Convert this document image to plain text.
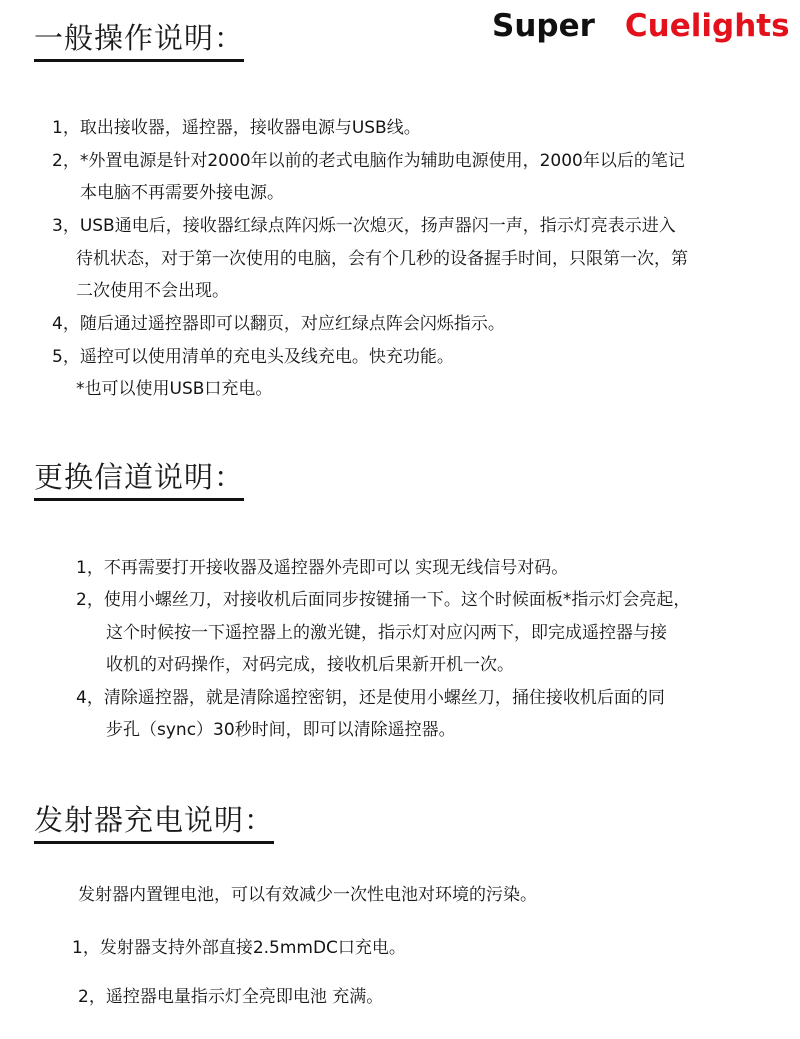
Super Cuelights
一般操作说明：
1，取出接收器，遥控器，接收器电源与USB线。
2，*外置电源是针对2000年以前的老式电脑作为辅助电源使用，2000年以后的笔记
本电脑不再需要外接电源。
3，USB通电后，接收器红绿点阵闪烁一次熄灭，扬声器闪一声，指示灯亮表示进入
待机状态，对于第一次使用的电脑，会有个几秒的设备握手时间，只限第一次，第
二次使用不会出现。
4，随后通过遥控器即可以翻页，对应红绿点阵会闪烁指示。
5，遥控可以使用清单的充电头及线充电。快充功能。
*也可以使用USB口充电。
更换信道说明：
1，不再需要打开接收器及遥控器外壳即可以 实现无线信号对码。
2，使用小螺丝刀，对接收机后面同步按键捅一下。这个时候面板*指示灯会亮起，
这个时候按一下遥控器上的激光键，指示灯对应闪两下，即完成遥控器与接
收机的对码操作，对码完成，接收机后果新开机一次。
4，清除遥控器，就是清除遥控密钥，还是使用小螺丝刀，捅住接收机后面的同
步孔（sync）30秒时间，即可以清除遥控器。
发射器充电说明：
发射器内置锂电池，可以有效减少一次性电池对环境的污染。
1，发射器支持外部直接2.5mmDC口充电。
2，遥控器电量指示灯全亮即电池 充满。
